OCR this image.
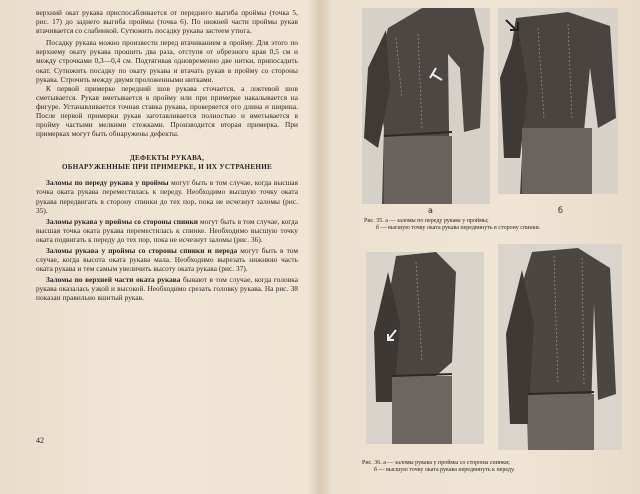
верхний окат рукава приспосабливается от переднего выгиба проймы (точка 5, рис. 17) до заднего выгиба проймы (точка 6). По нижней части проймы рукав втачивается со слабинкой. Сутюжить посадку рукава застеем утюга.

Посадку рукава можно произвести перед втачиванием в пройму. Для этого по верхнему окату рукава прошить два раза, отступя от обрезного края 0,5 см и между строчками 0,3—0,4 см. Подтягивая одновременно две нитки, припосадить окат. Сутюжить посадку по окату рукава и втачать рукав в пройму со стороны рукава. Строчить между двумя проложенными нитками.

К первой примерке передний шов рукава сточается, а локтевой шов сметывается. Рукав вметывается в пройму или при примерке накалывается на фигуре. Устанавливается точная ставка рукава, проверяется его длина и ширина. После первой примерки рукав заготавливается полностью и вметывается в пройму частыми мелкими стежками. Производится вторая примерка. При примерках могут быть обнаружены дефекты.

ДЕФЕКТЫ РУКАВА,
ОБНАРУЖЕННЫЕ ПРИ ПРИМЕРКЕ, И ИХ УСТРАНЕНИЕ

Заломы по переду рукава у проймы могут быть в том случае, когда высшая точка оката рукава переместилась к переду. Необходимо высшую точку оката рукава передвигать в сторону спинки до тех пор, пока не исчезнут заломы (рис. 35).

Заломы рукава у проймы со стороны спинки могут быть в том случае, когда высшая точка оката рукава переместилась к спинке. Необходимо высшую точку оката подвигать к переду до тех пор, пока не исчезнут заломы (рис. 36).

Заломы рукава у проймы со стороны спинки и переда могут быть в том случае, когда высота оката рукава мала. Необходимо вырезать нижнюю часть оката рукава и тем самым увеличить высоту оката рукава (рис. 37).

Заломы по верхней части оката рукава бывают в том случае, когда головка рукава оказалась узкой и высокой. Необходимо срезать головку рукава. На рис. 38 показан правильно вшитый рукав.

42
а	б
Рис. 35. а — заломы по переду рукава у проймы;
б — высшую точку оката рукава передвинуть в сторону спинки.
Рис. 36. а — заломы рукава у проймы со стороны спинки;
б — высшую точку оката рукава передвинуть к переду.
